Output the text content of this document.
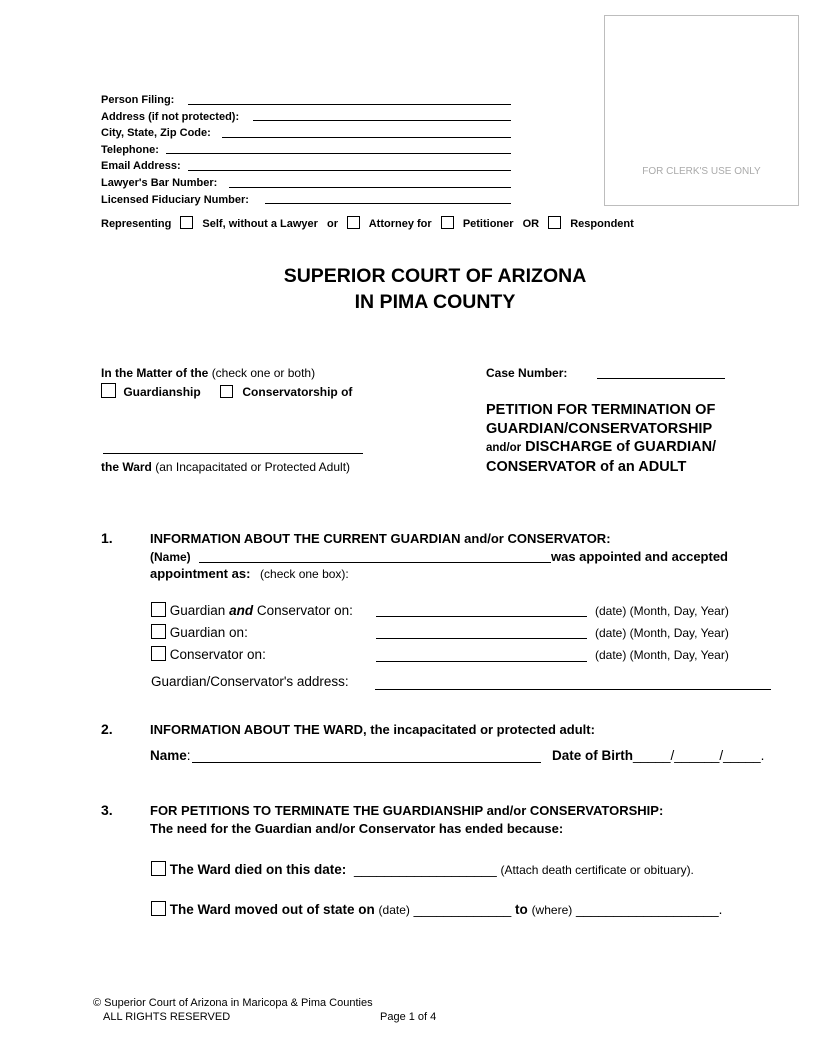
FOR CLERK'S USE ONLY
Person Filing:
Address (if not protected):
City, State, Zip Code:
Telephone:
Email Address:
Lawyer's Bar Number:
Licensed Fiduciary Number:
Representing	Self, without a Lawyer or	Attorney for	Petitioner OR	Respondent
SUPERIOR COURT OF ARIZONA
IN PIMA COUNTY
In the Matter of the (check one or both)
Guardianship	Conservatorship of
the Ward (an Incapacitated or Protected Adult)
Case Number:
PETITION FOR TERMINATION OF
GUARDIAN/CONSERVATORSHIP
and/or DISCHARGE of GUARDIAN/
CONSERVATOR of an ADULT
1.	INFORMATION ABOUT THE CURRENT GUARDIAN and/or CONSERVATOR:
(Name)	was appointed and accepted
appointment as: (check one box):
Guardian and Conservator on:	(date) (Month, Day, Year)
Guardian on:	(date) (Month, Day, Year)
Conservator on:	(date) (Month, Day, Year)
Guardian/Conservator's address:
2.	INFORMATION ABOUT THE WARD, the incapacitated or protected adult:
Name:	Date of Birth_____/______/_____.
3.	FOR PETITIONS TO TERMINATE THE GUARDIANSHIP and/or CONSERVATORSHIP:
The need for the Guardian and/or Conservator has ended because:
The Ward died on this date: ___________________ (Attach death certificate or obituary).
The Ward moved out of state on (date) _____________ to (where) ___________________.
© Superior Court of Arizona in Maricopa & Pima Counties
ALL RIGHTS RESERVED	Page 1 of 4
